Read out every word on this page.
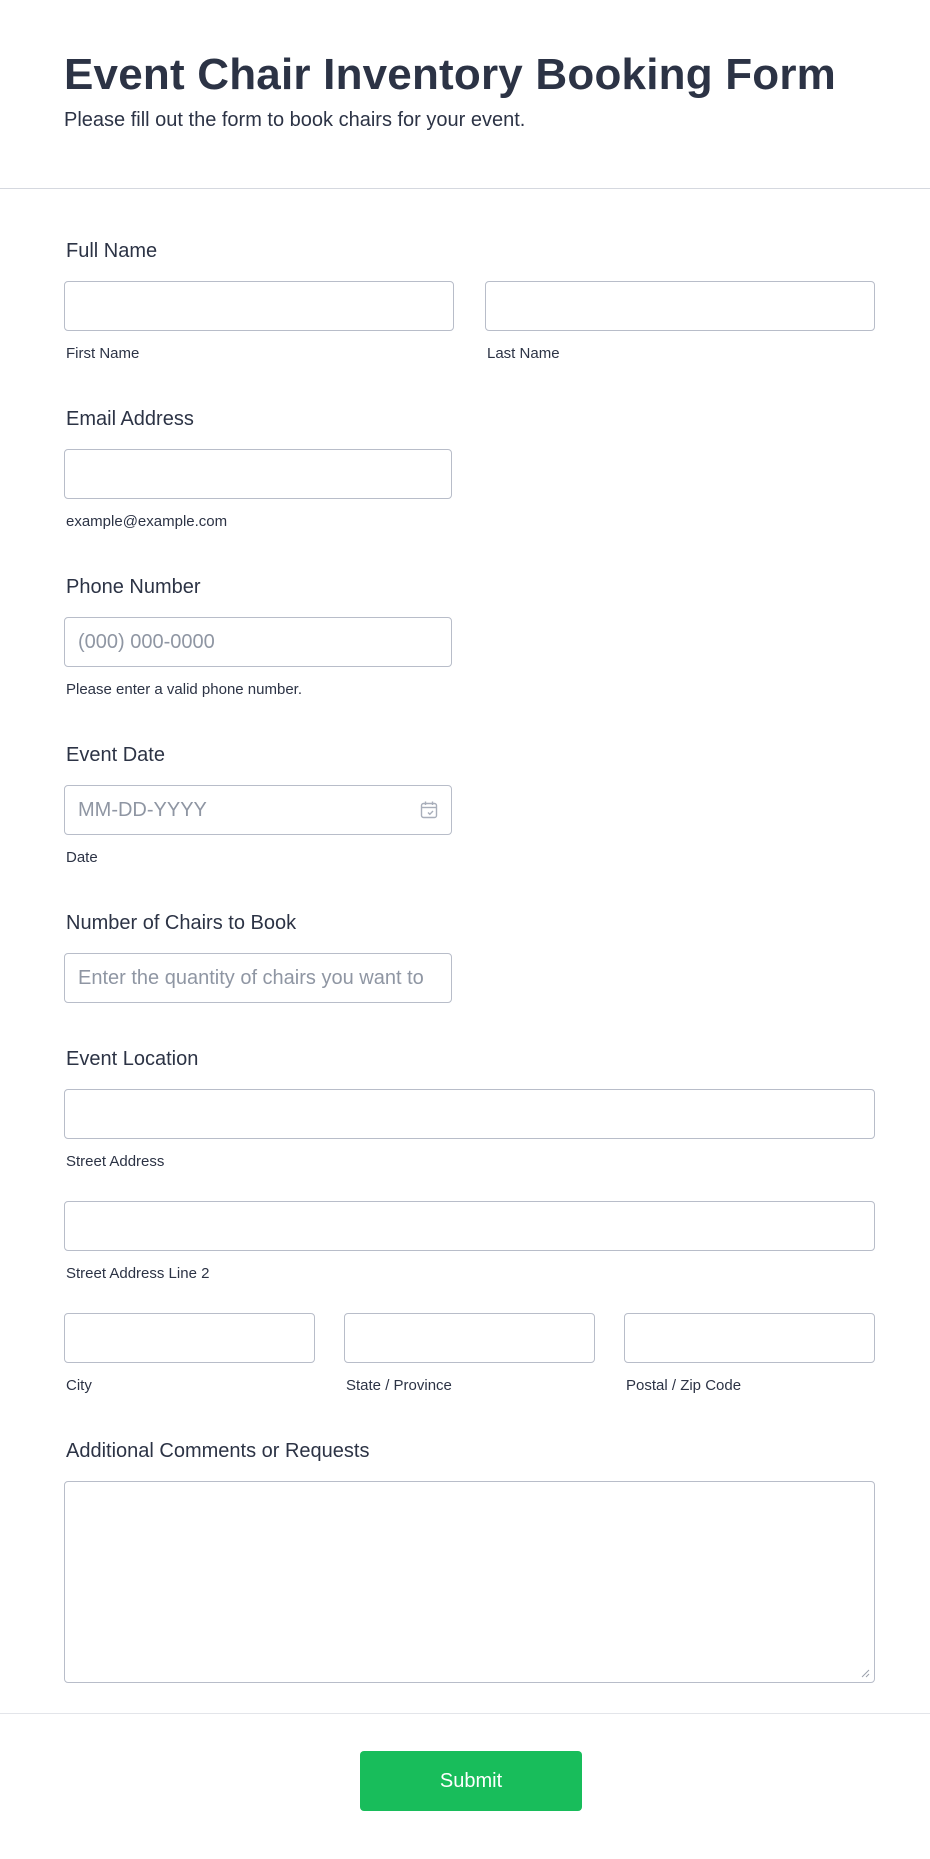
Event Chair Inventory Booking Form
Please fill out the form to book chairs for your event.
Full Name
First Name	Last Name
Email Address
example@example.com
Phone Number
(000) 000-0000
Please enter a valid phone number.
Event Date
MM-DD-YYYY
Date
Number of Chairs to Book
Enter the quantity of chairs you want to book
Event Location
Street Address
Street Address Line 2
City	State / Province	Postal / Zip Code
Additional Comments or Requests
Submit
